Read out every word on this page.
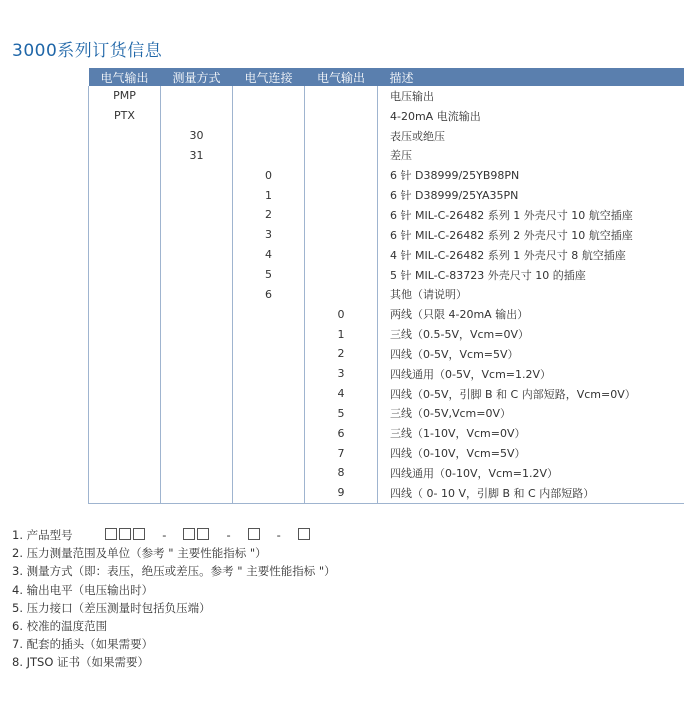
3000系列订货信息
电气输出	测量方式	电气连接	电气输出	描述
PMP				电压输出
PTX				4-20mA 电流输出
	30			表压或绝压
	31			差压
		0		6 针 D38999/25YB98PN
		1		6 针 D38999/25YA35PN
		2		6 针 MIL-C-26482 系列 1 外壳尺寸 10 航空插座
		3		6 针 MIL-C-26482 系列 2 外壳尺寸 10 航空插座
		4		4 针 MIL-C-26482 系列 1 外壳尺寸 8 航空插座
		5		5 针 MIL-C-83723 外壳尺寸 10 的插座
		6		其他（请说明）
			0	两线（只限 4-20mA 输出）
			1	三线（0.5-5V，Vcm=0V）
			2	四线（0-5V，Vcm=5V）
			3	四线通用（0-5V，Vcm=1.2V）
			4	四线（0-5V，引脚 B 和 C 内部短路，Vcm=0V）
			5	三线（0-5V,Vcm=0V）
			6	三线（1-10V，Vcm=0V）
			7	四线（0-10V，Vcm=5V）
			8	四线通用（0-10V，Vcm=1.2V）
			9	四线（ 0- 10 V，引脚 B 和 C 内部短路）
1. 产品型号	-	-	-
2. 压力测量范围及单位（参考 " 主要性能指标 "）
3. 测量方式（即：表压，绝压或差压。参考 " 主要性能指标 "）
4. 输出电平（电压输出时）
5. 压力接口（差压测量时包括负压端）
6. 校准的温度范围
7. 配套的插头（如果需要）
8. JTSO 证书（如果需要）
